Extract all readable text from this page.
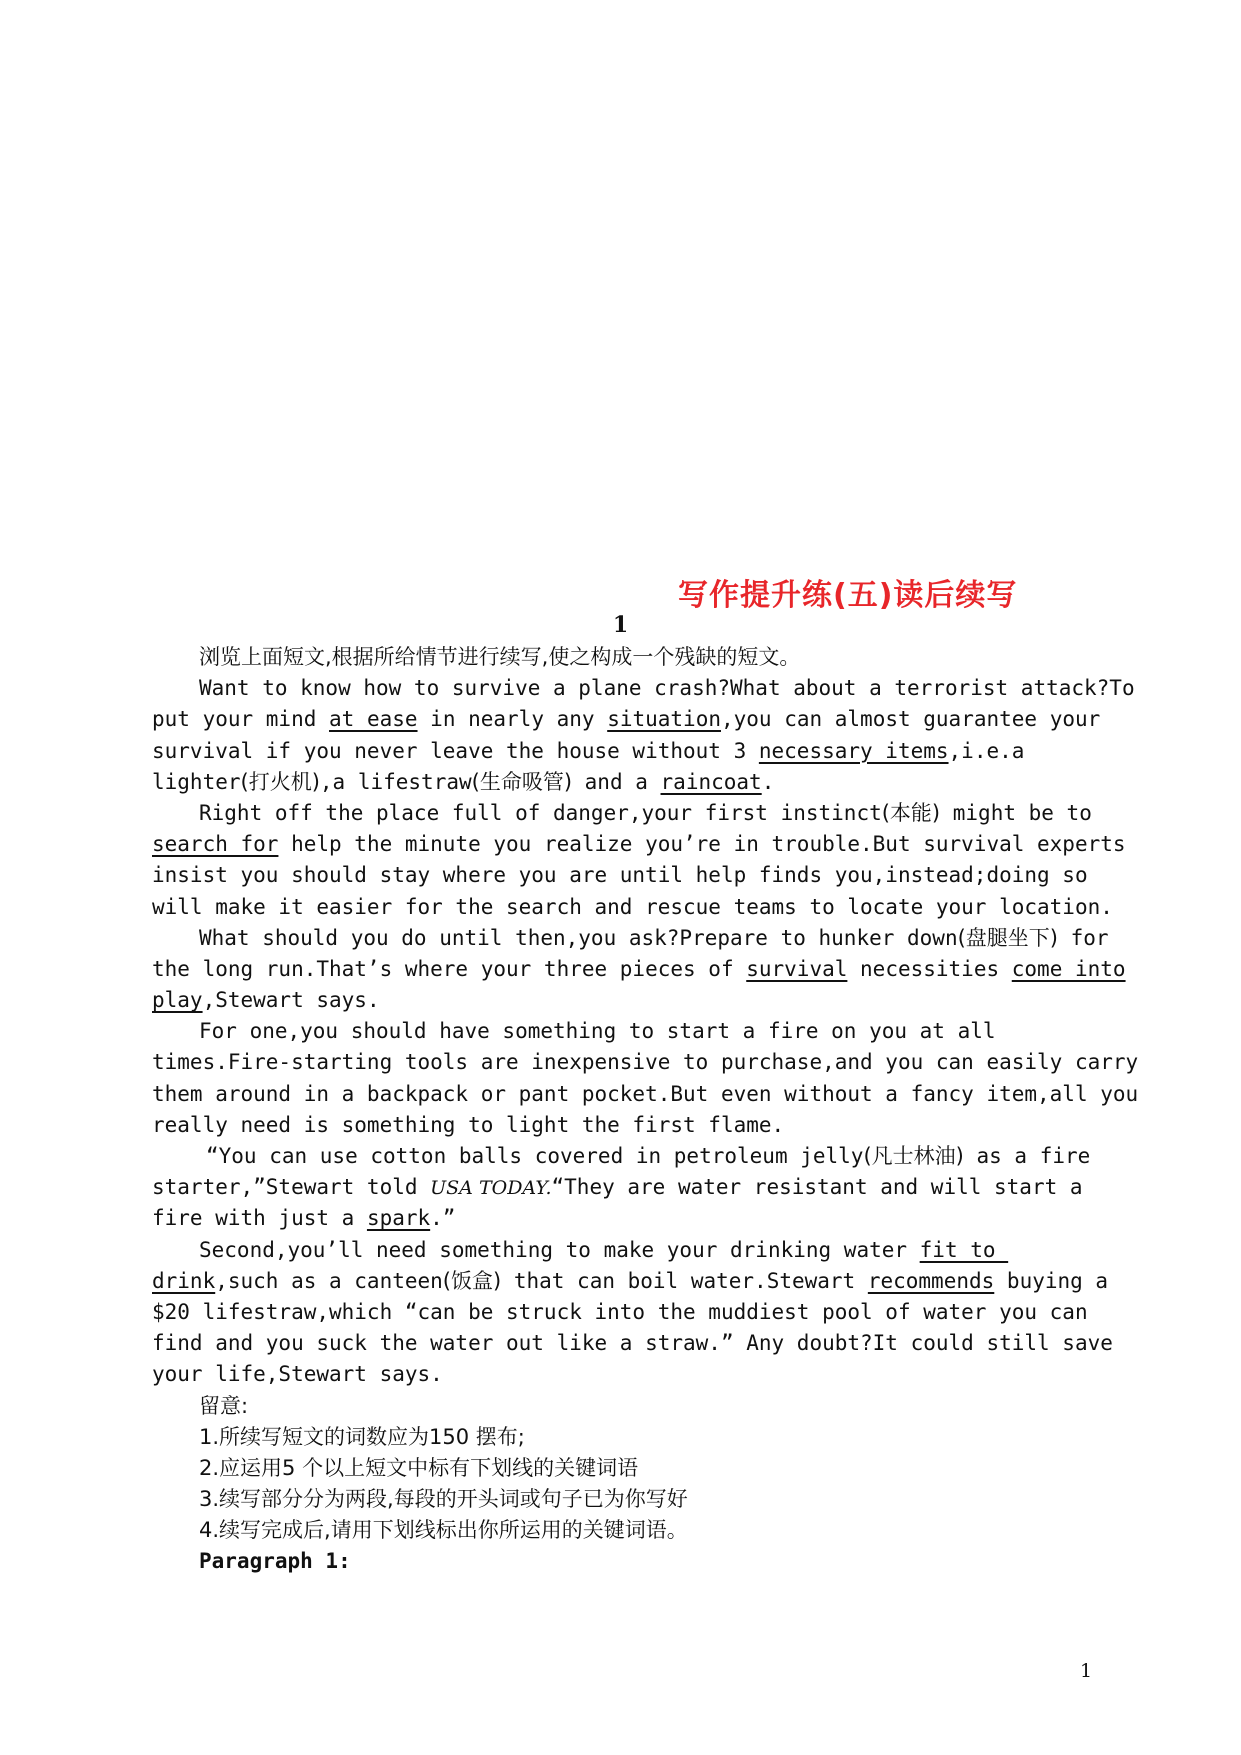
写作提升练(五)读后续写
1
浏览上面短文,根据所给情节进行续写,使之构成一个残缺的短文。
Want to know how to survive a plane crash?What about a terrorist attack?To
put your mind at ease in nearly any situation,you can almost guarantee your
survival if you never leave the house without 3 necessary items,i.e.a
lighter(打火机),a lifestraw(生命吸管) and a raincoat.
Right off the place full of danger,your first instinct(本能) might be to
search for help the minute you realize you’re in trouble.But survival experts
insist you should stay where you are until help finds you,instead;doing so
will make it easier for the search and rescue teams to locate your location.
What should you do until then,you ask?Prepare to hunker down(盘腿坐下) for
the long run.That’s where your three pieces of survival necessities come into
play,Stewart says.
For one,you should have something to start a fire on you at all
times.Fire-starting tools are inexpensive to purchase,and you can easily carry
them around in a backpack or pant pocket.But even without a fancy item,all you
really need is something to light the first flame.
“You can use cotton balls covered in petroleum jelly(凡士林油) as a fire
starter,”Stewart told USA TODAY.“They are water resistant and will start a
fire with just a spark.”
Second,you’ll need something to make your drinking water fit to
drink,such as a canteen(饭盒) that can boil water.Stewart recommends buying a
$20 lifestraw,which “can be struck into the muddiest pool of water you can
find and you suck the water out like a straw.” Any doubt?It could still save
your life,Stewart says.
留意:
1.所续写短文的词数应为150 摆布;
2.应运用5 个以上短文中标有下划线的关键词语
3.续写部分分为两段,每段的开头词或句子已为你写好
4.续写完成后,请用下划线标出你所运用的关键词语。
Paragraph 1:
1
